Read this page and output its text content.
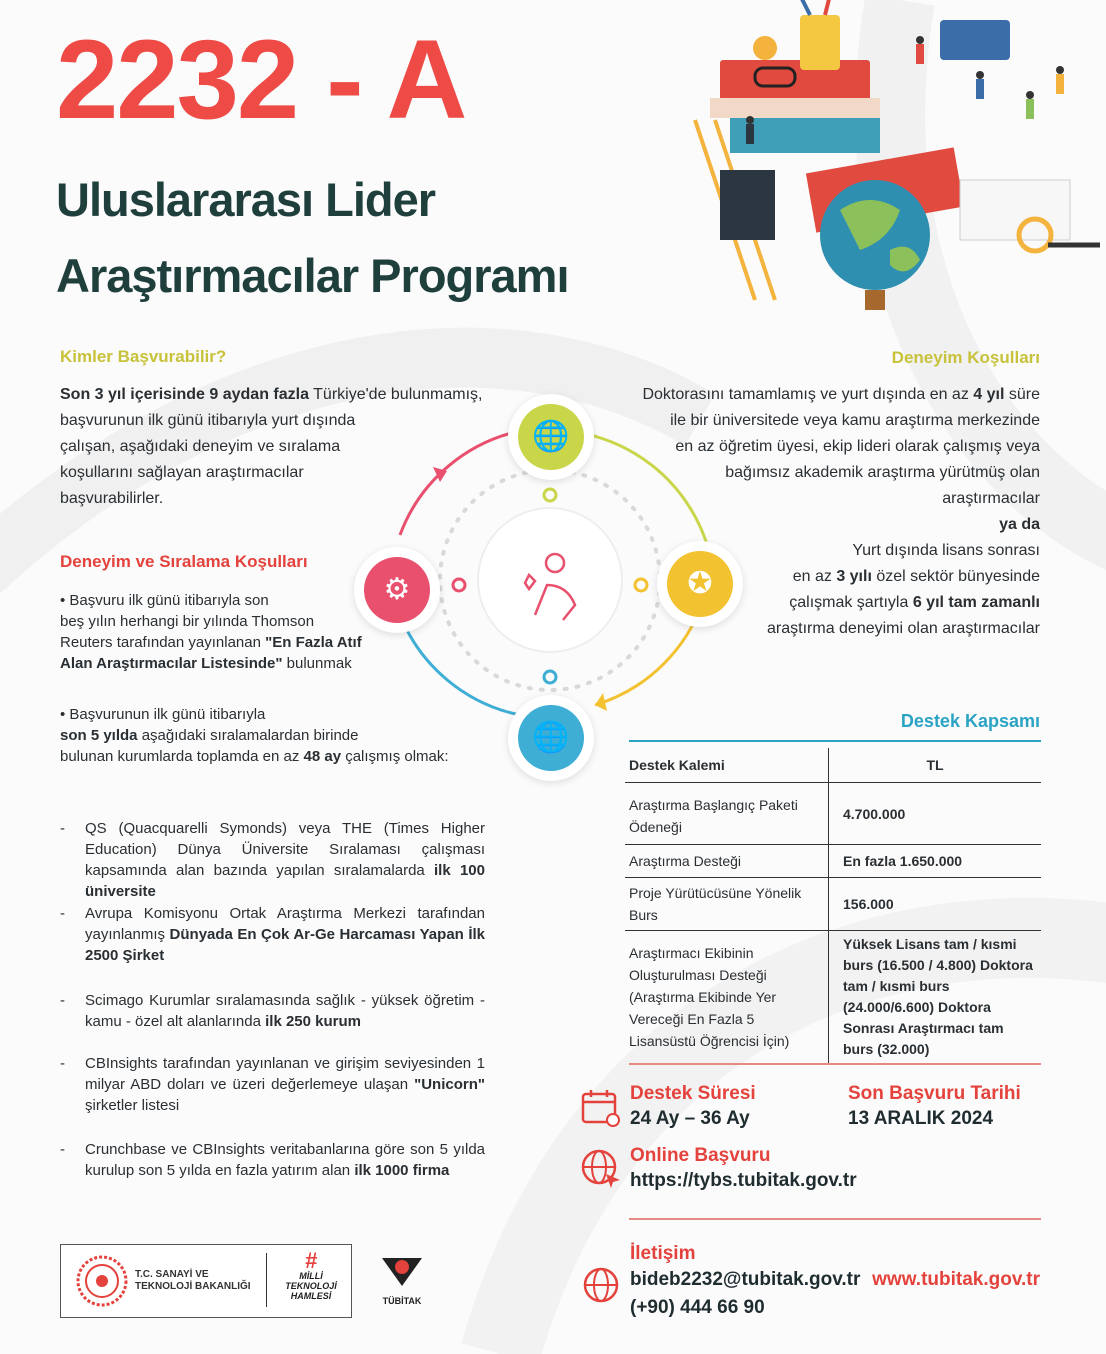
2232 - A
Uluslararası Lider
Araştırmacılar Programı
Kimler Başvurabilir?
Son 3 yıl içerisinde 9 aydan fazla Türkiye'de bulunmamış,
başvurunun ilk günü itibarıyla yurt dışında
çalışan, aşağıdaki deneyim ve sıralama
koşullarını sağlayan araştırmacılar
başvurabilirler.
Deneyim ve Sıralama Koşulları
• Başvuru ilk günü itibarıyla son
beş yılın herhangi bir yılında Thomson
Reuters tarafından yayınlanan "En Fazla Atıf
Alan Araştırmacılar Listesinde" bulunmak
• Başvurunun ilk günü itibarıyla
son 5 yılda aşağıdaki sıralamalardan birinde
bulunan kurumlarda toplamda en az 48 ay çalışmış olmak:
- QS (Quacquarelli Symonds) veya THE (Times Higher Education) Dünya Üniversite Sıralaması çalışması kapsamında alan bazında yapılan sıralamalarda ilk 100 üniversite
- Avrupa Komisyonu Ortak Araştırma Merkezi tarafından yayınlanmış Dünyada En Çok Ar-Ge Harcaması Yapan İlk 2500 Şirket
- Scimago Kurumlar sıralamasında sağlık - yüksek öğretim - kamu - özel alt alanlarında ilk 250 kurum
- CBInsights tarafından yayınlanan ve girişim seviyesinden 1 milyar ABD doları ve üzeri değerlemeye ulaşan "Unicorn" şirketler listesi
- Crunchbase ve CBInsights veritabanlarına göre son 5 yılda kurulup son 5 yılda en fazla yatırım alan ilk 1000 firma
🌐
✪
🌐
⚙
Deneyim Koşulları
Doktorasını tamamlamış ve yurt dışında en az 4 yıl süre
ile bir üniversitede veya kamu araştırma merkezinde
en az öğretim üyesi, ekip lideri olarak çalışmış veya
bağımsız akademik araştırma yürütmüş olan
araştırmacılar
ya da
Yurt dışında lisans sonrası
en az 3 yılı özel sektör bünyesinde
çalışmak şartıyla 6 yıl tam zamanlı
araştırma deneyimi olan araştırmacılar
Destek Kapsamı
Destek Kalemi	TL
Araştırma Başlangıç Paketi Ödeneği	4.700.000
Araştırma Desteği	En fazla 1.650.000
Proje Yürütücüsüne Yönelik Burs	156.000
Araştırmacı Ekibinin Oluşturulması Desteği (Araştırma Ekibinde Yer Vereceği En Fazla 5 Lisansüstü Öğrencisi İçin)	Yüksek Lisans tam / kısmi burs (16.500 / 4.800) Doktora tam / kısmi burs (24.000/6.600) Doktora Sonrası Araştırmacı tam burs (32.000)
Destek Süresi
24 Ay – 36 Ay
Son Başvuru Tarihi
13 ARALIK 2024
Online Başvuru
https://tybs.tubitak.gov.tr
İletişim
bideb2232@tubitak.gov.tr
(+90) 444 66 90
www.tubitak.gov.tr
T.C. SANAYİ VE
TEKNOLOJİ BAKANLIĞI
#
MİLLİ
TEKNOLOJİ
HAMLESİ	TÜBİTAK
